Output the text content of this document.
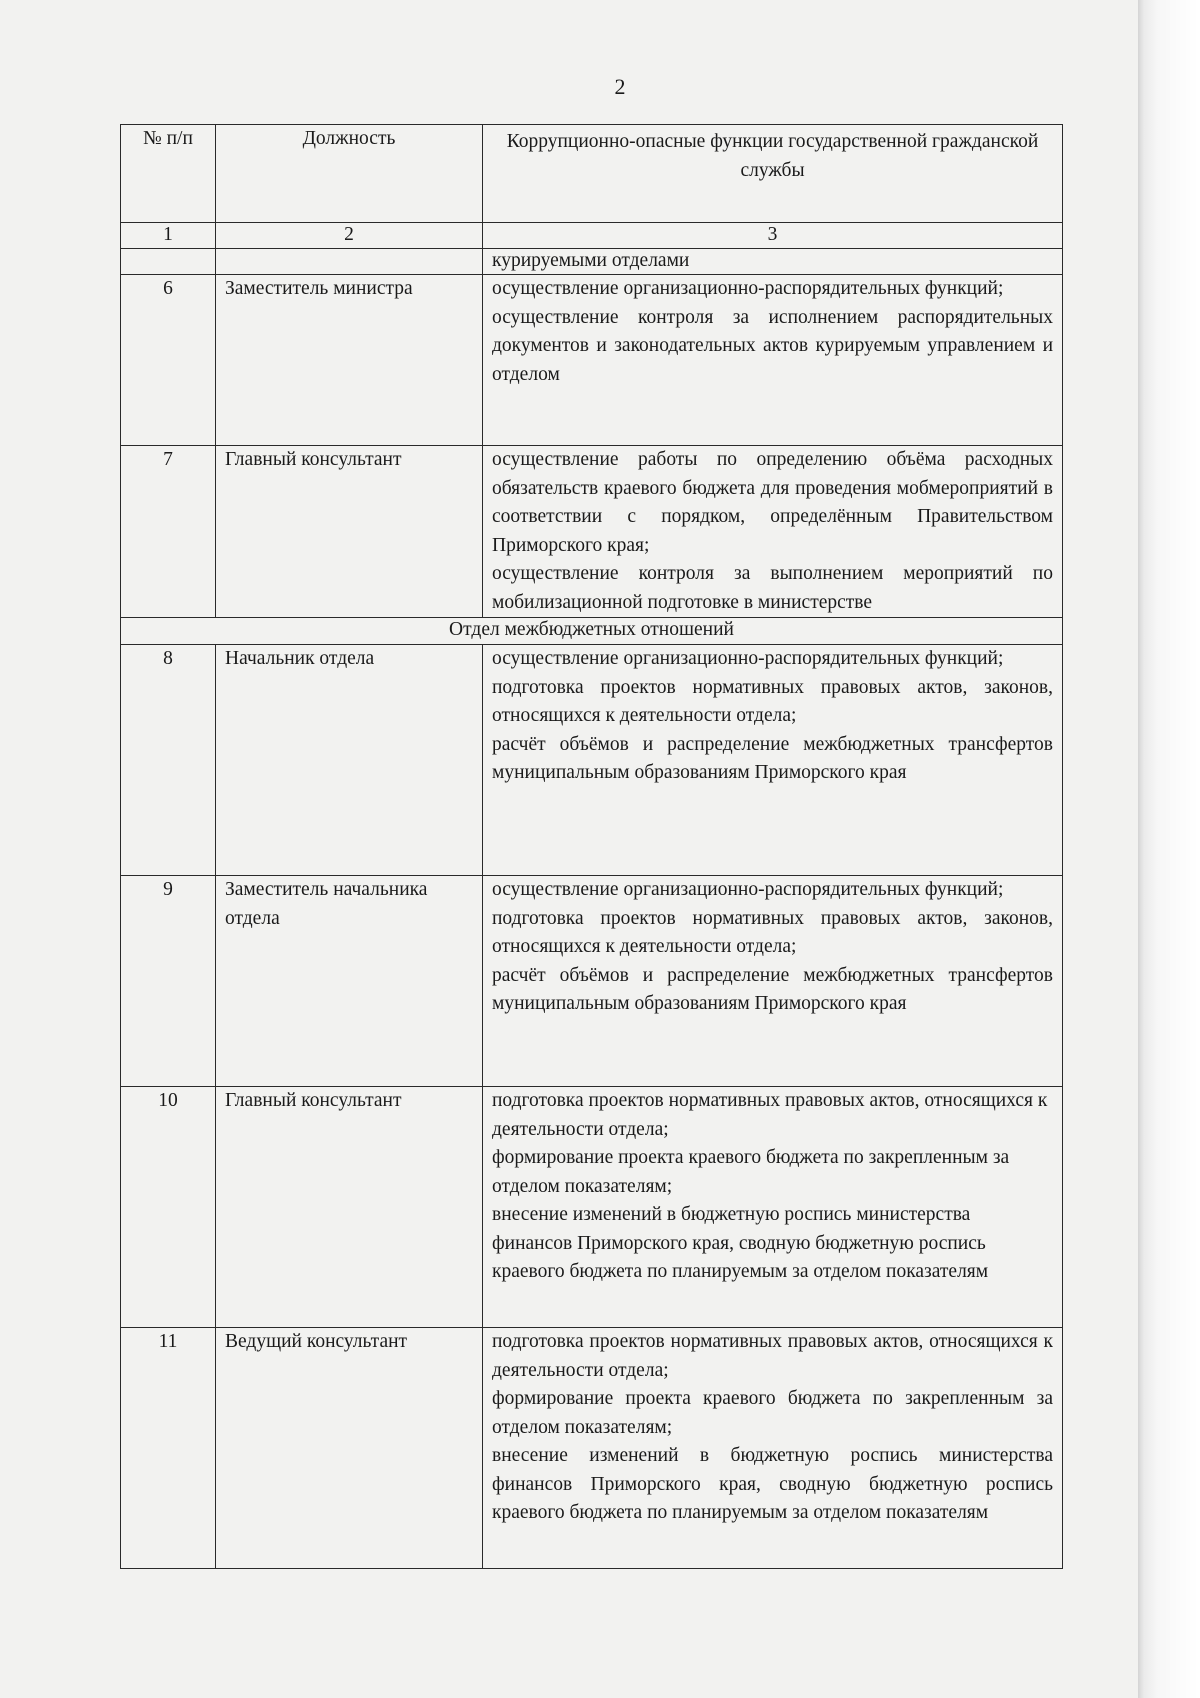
2
№ п/п	Должность	Коррупционно-опасные функции государственной гражданской службы
1	2	3
		курируемыми отделами
6	Заместитель министра	осуществление организационно-распорядительных функций;
осуществление контроля за исполнением распорядительных документов и законодательных актов курируемым управлением и отделом

7	Главный консультант	осуществление работы по определению объёма расходных обязательств краевого бюджета для проведения мобмероприятий в соответствии с порядком, определённым Правительством Приморского края;
осуществление контроля за выполнением мероприятий по мобилизационной подготовке в министерстве

Отдел межбюджетных отношений		
8	Начальник отдела	осуществление организационно-распорядительных функций;
подготовка проектов нормативных правовых актов, законов, относящихся к деятельности отдела;
расчёт объёмов и распределение межбюджетных трансфертов муниципальным образованиям Приморского края

9	Заместитель начальника отдела	осуществление организационно-распорядительных функций;
подготовка проектов нормативных правовых актов, законов, относящихся к деятельности отдела;
расчёт объёмов и распределение межбюджетных трансфертов муниципальным образованиям Приморского края

10	Главный консультант	подготовка проектов нормативных правовых актов, относящихся к деятельности отдела;
формирование проекта краевого бюджета по закрепленным за отделом показателям;
внесение изменений в бюджетную роспись министерства финансов Приморского края, сводную бюджетную роспись краевого бюджета по планируемым за отделом показателям

11	Ведущий консультант	подготовка проектов нормативных правовых актов, относящихся к деятельности отдела;
формирование проекта краевого бюджета по закрепленным за отделом показателям;
внесение изменений в бюджетную роспись министерства финансов Приморского края, сводную бюджетную роспись краевого бюджета по планируемым за отделом показателям
